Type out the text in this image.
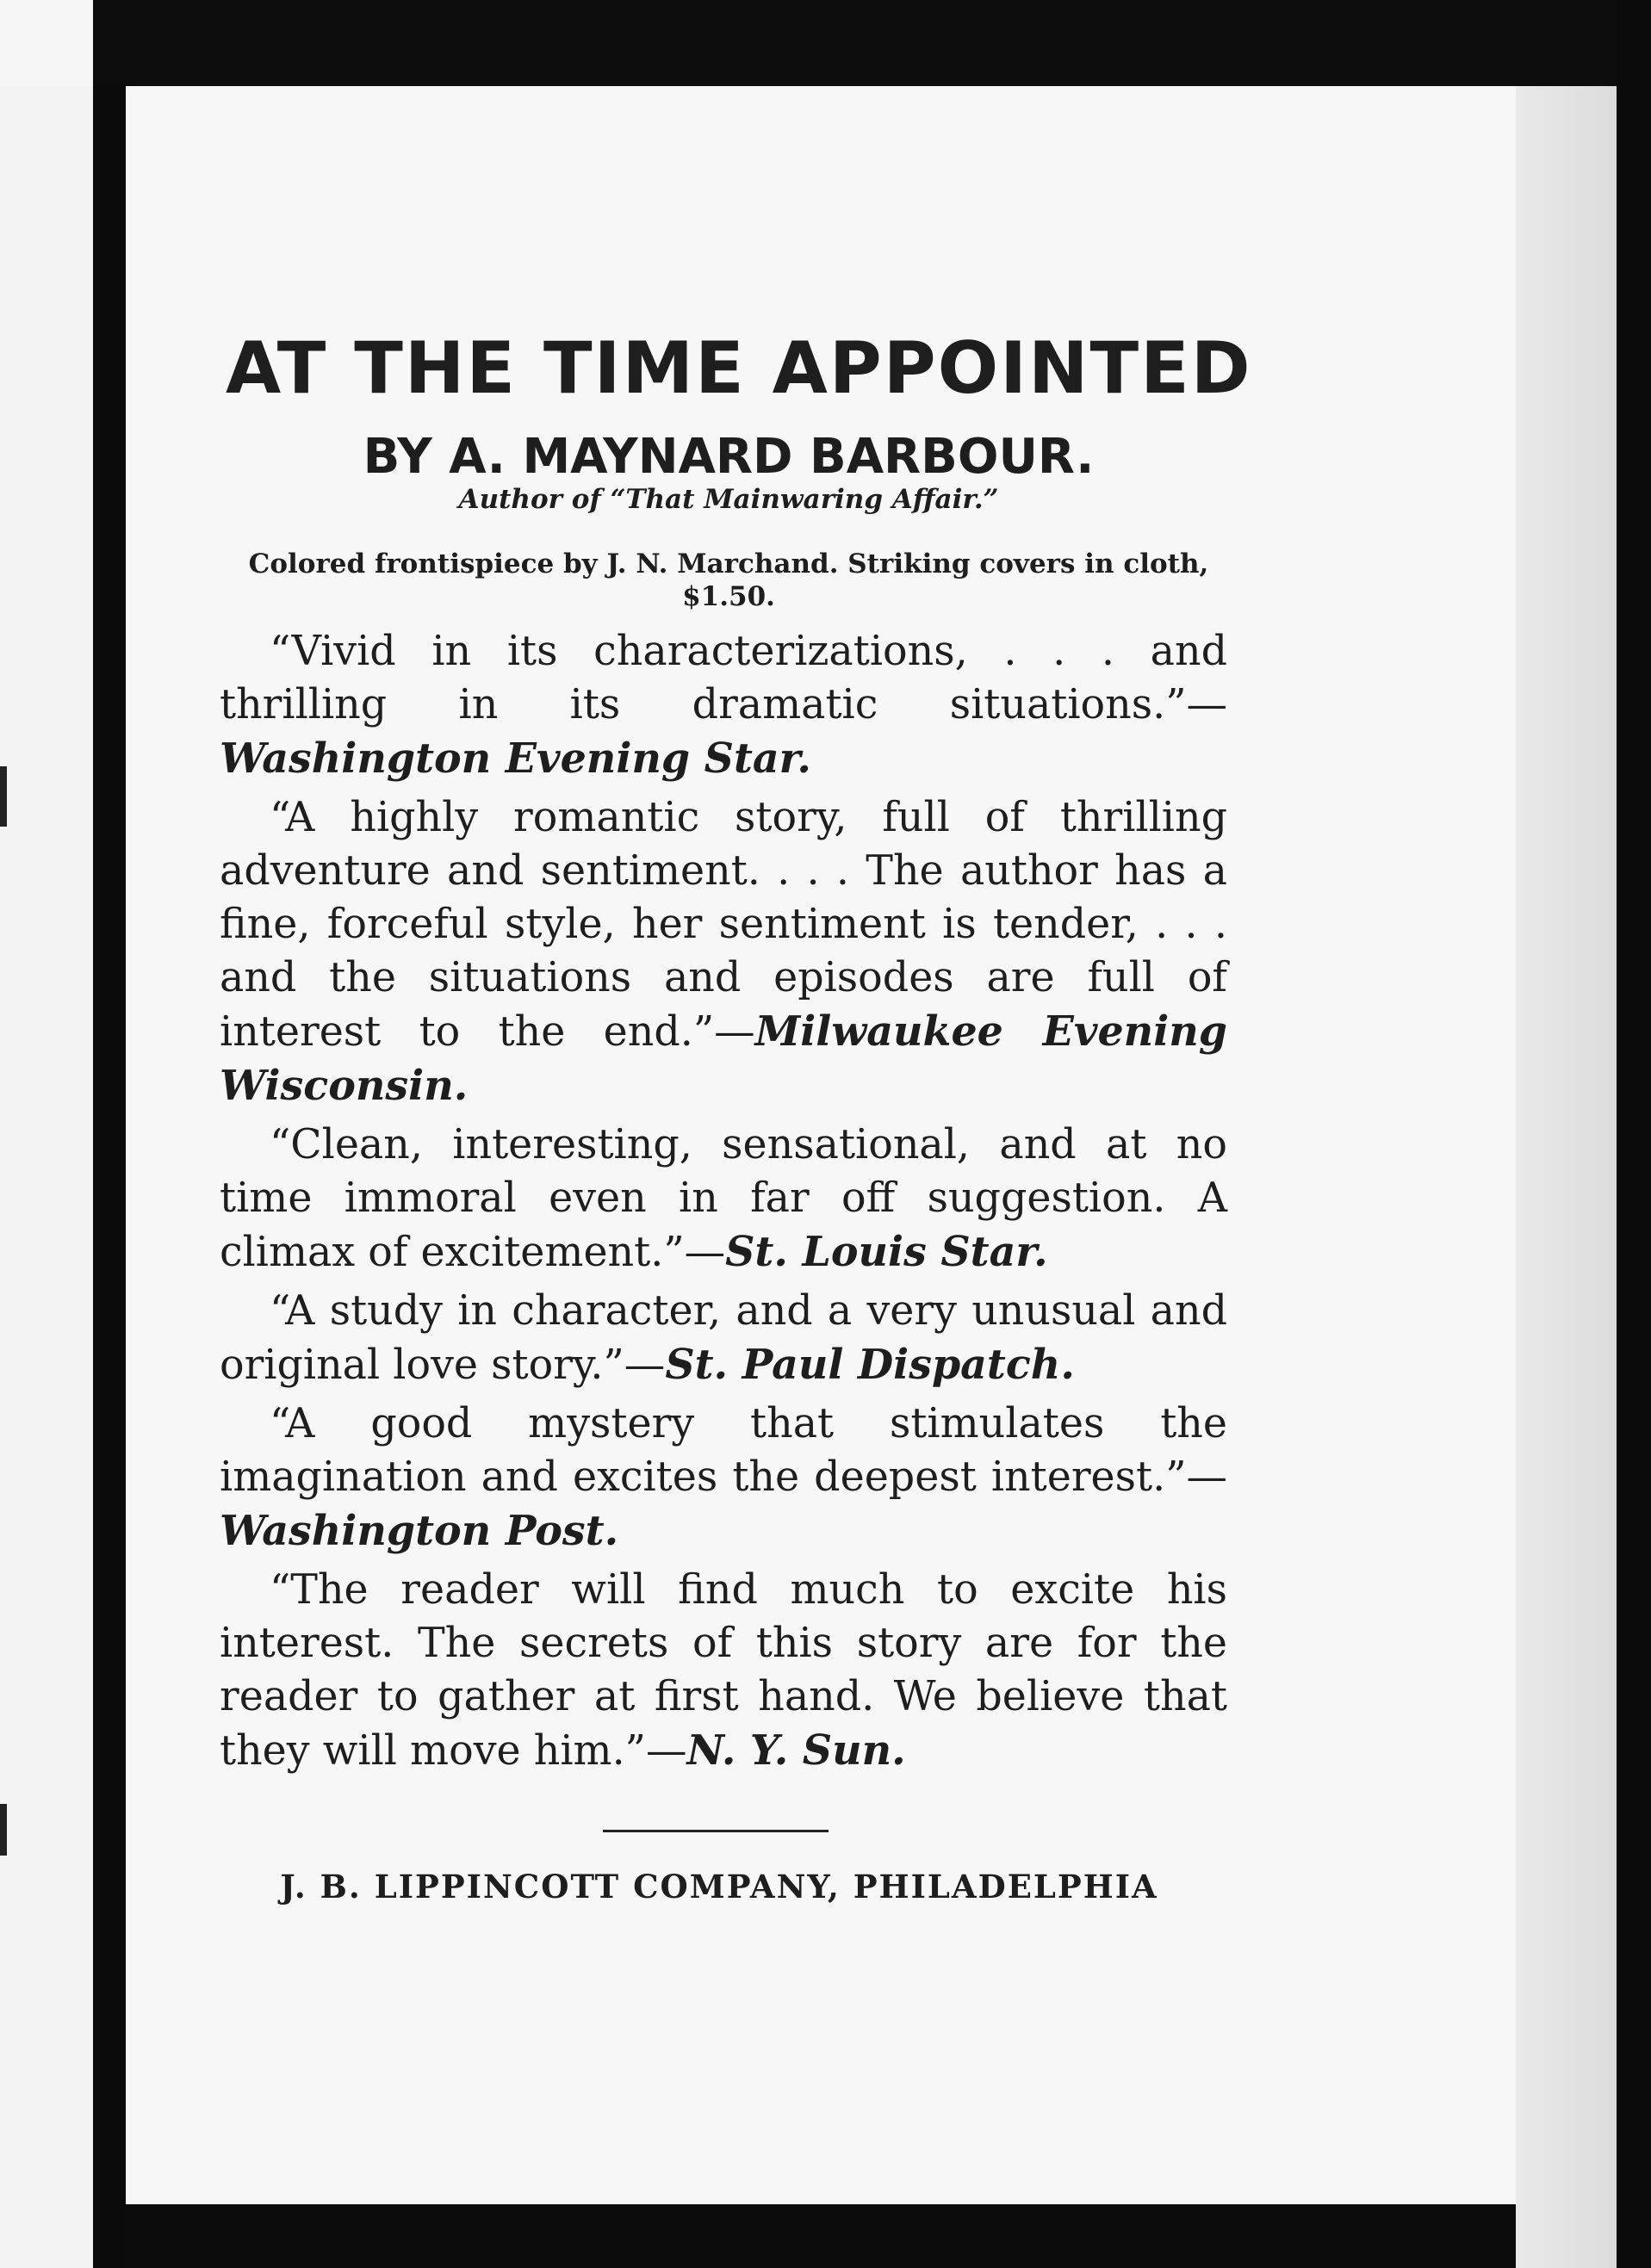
AT THE TIME APPOINTED

BY A. MAYNARD BARBOUR.

Author of “That Mainwaring Affair.”

Colored frontispiece by J. N. Marchand. Striking covers in cloth, $1.50.

“Vivid in its characterizations, . . . and thrilling in its dramatic situations.”—Washington Evening Star.

“A highly romantic story, full of thrilling adventure and sentiment. . . . The author has a fine, forceful style, her sentiment is tender, . . . and the situations and episodes are full of interest to the end.”—Milwaukee Evening Wisconsin.

“Clean, interesting, sensational, and at no time immoral even in far off suggestion. A climax of excitement.”—St. Louis Star.

“A study in character, and a very unusual and original love story.”—St. Paul Dispatch.

“A good mystery that stimulates the imagination and excites the deepest interest.”—Washington Post.

“The reader will find much to excite his interest. The secrets of this story are for the reader to gather at first hand. We believe that they will move him.”—N. Y. Sun.

J. B. LIPPINCOTT COMPANY, PHILADELPHIA
